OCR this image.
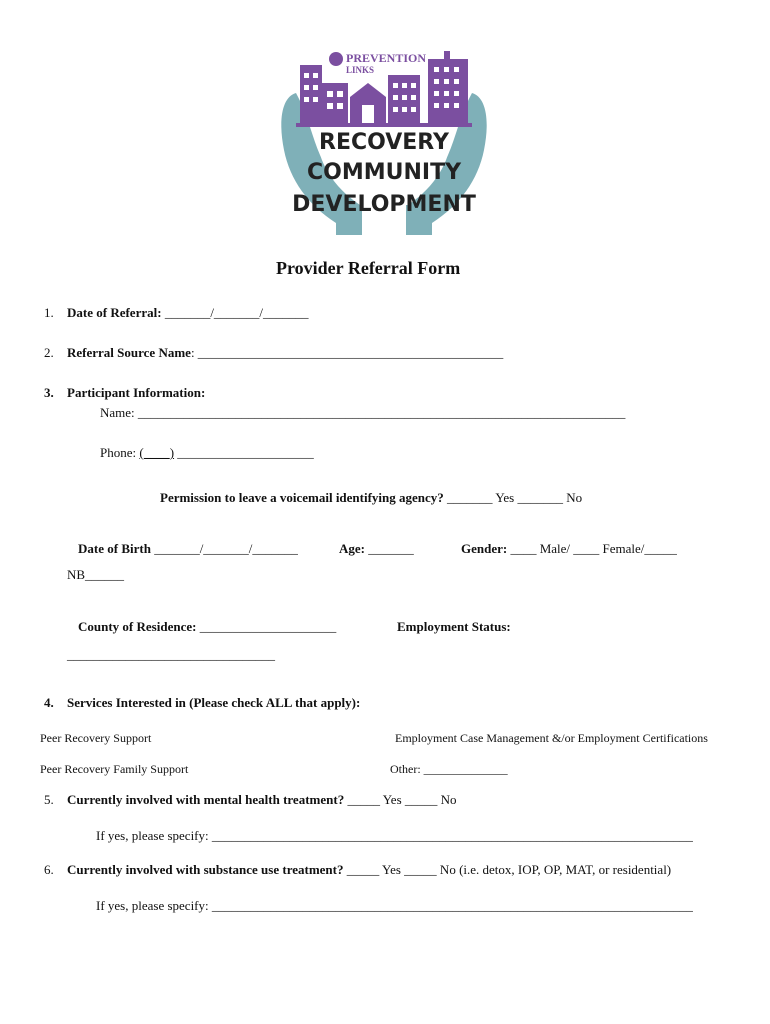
PREVENTION
LINKS
RECOVERY
COMMUNITY
DEVELOPMENT
Provider Referral Form
1. Date of Referral: _______/_______/_______
2. Referral Source Name: _______________________________________________
3. Participant Information:
Name: ___________________________________________________________________________
Phone: (____) _____________________
Permission to leave a voicemail identifying agency? _______ Yes _______ No
Date of Birth _______/_______/_______	Age: _______	Gender: ____ Male/ ____ Female/_____
NB______
County of Residence: _____________________	Employment Status:
________________________________
4. Services Interested in (Please check ALL that apply):
Peer Recovery Support	Employment Case Management &/or Employment Certifications
Peer Recovery Family Support	Other: ______________
5. Currently involved with mental health treatment? _____ Yes _____ No
If yes, please specify: __________________________________________________________________________
6. Currently involved with substance use treatment? _____ Yes _____ No (i.e. detox, IOP, OP, MAT, or residential)
If yes, please specify: __________________________________________________________________________
